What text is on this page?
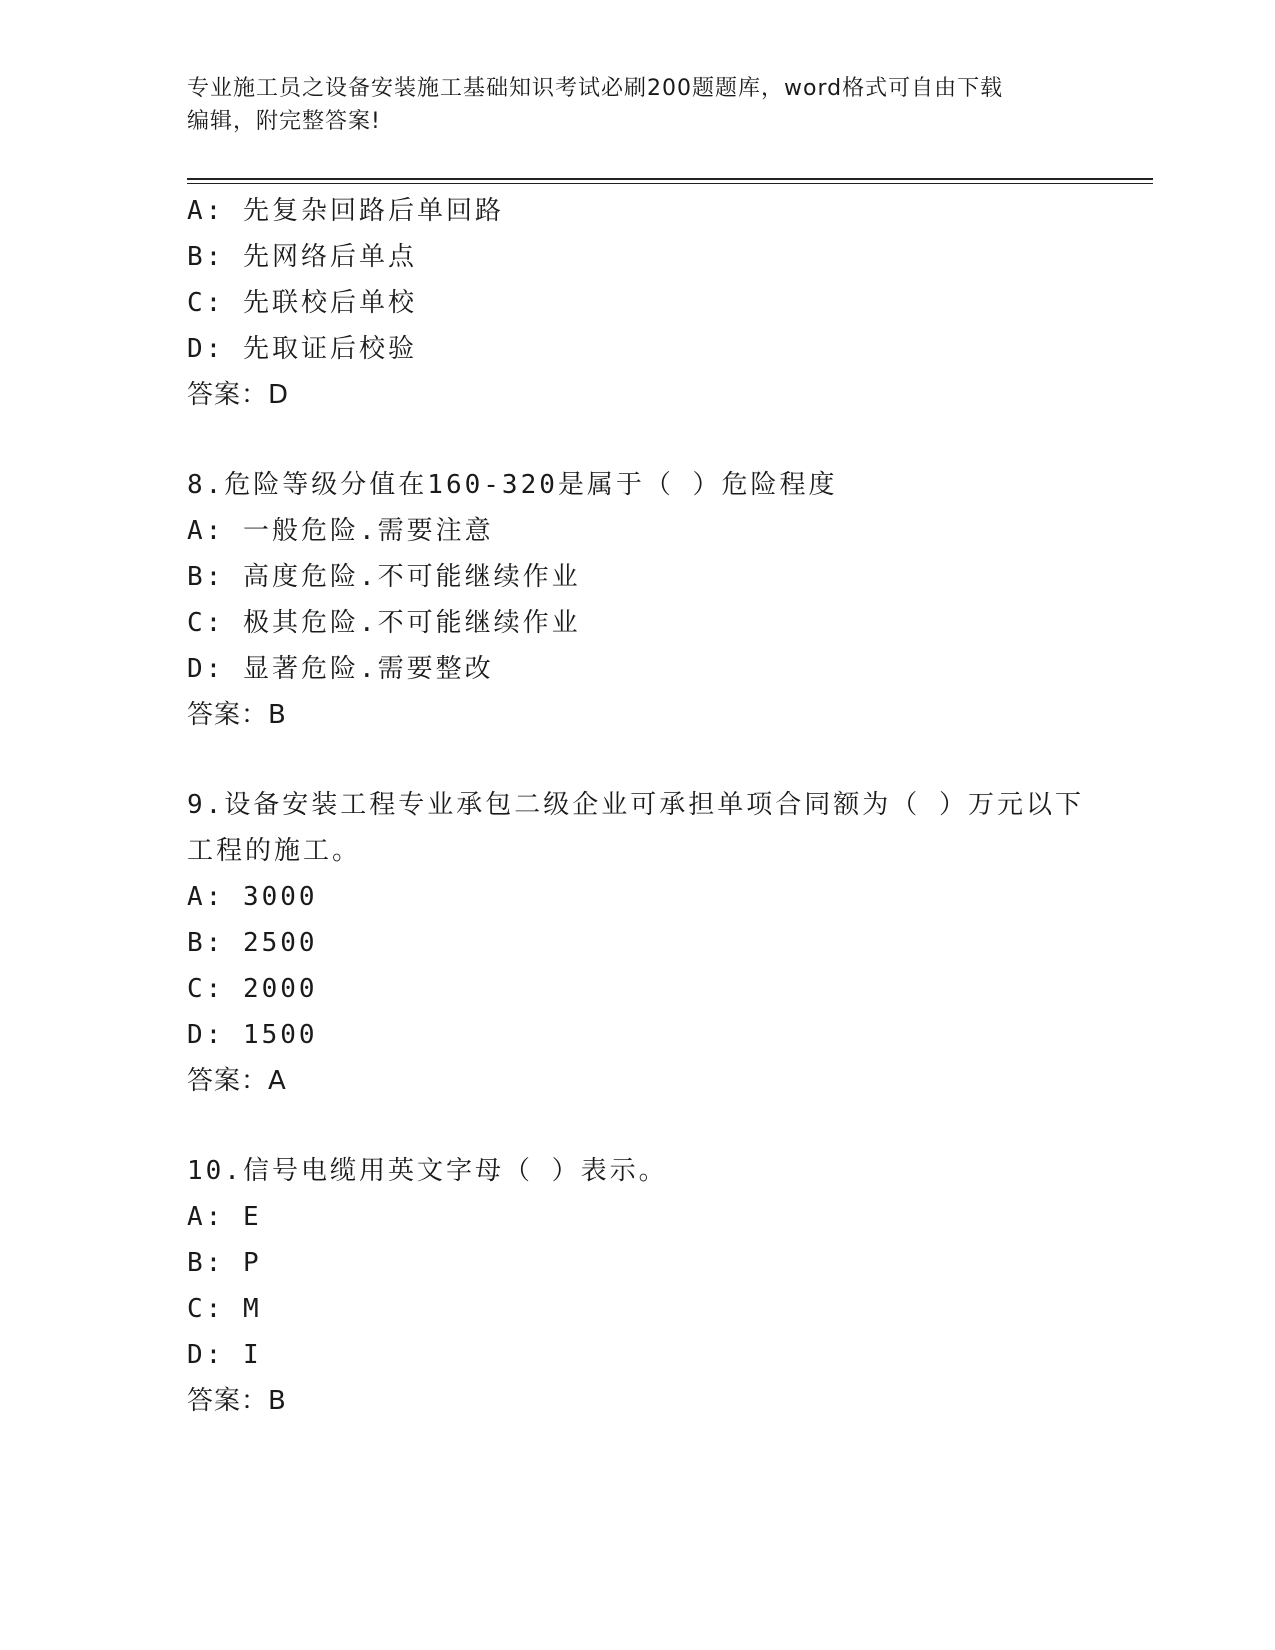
专业施工员之设备安装施工基础知识考试必刷200题题库，word格式可自由下载
编辑，附完整答案!
A: 先复杂回路后单回路
B: 先网络后单点
C: 先联校后单校
D: 先取证后校验
答案：D
8.危险等级分值在160-320是属于（ ）危险程度
A: 一般危险.需要注意
B: 高度危险.不可能继续作业
C: 极其危险.不可能继续作业
D: 显著危险.需要整改
答案：B
9.设备安装工程专业承包二级企业可承担单项合同额为（ ）万元以下
工程的施工。
A: 3000
B: 2500
C: 2000
D: 1500
答案：A
10.信号电缆用英文字母（ ）表示。
A: E
B: P
C: M
D: I
答案：B
